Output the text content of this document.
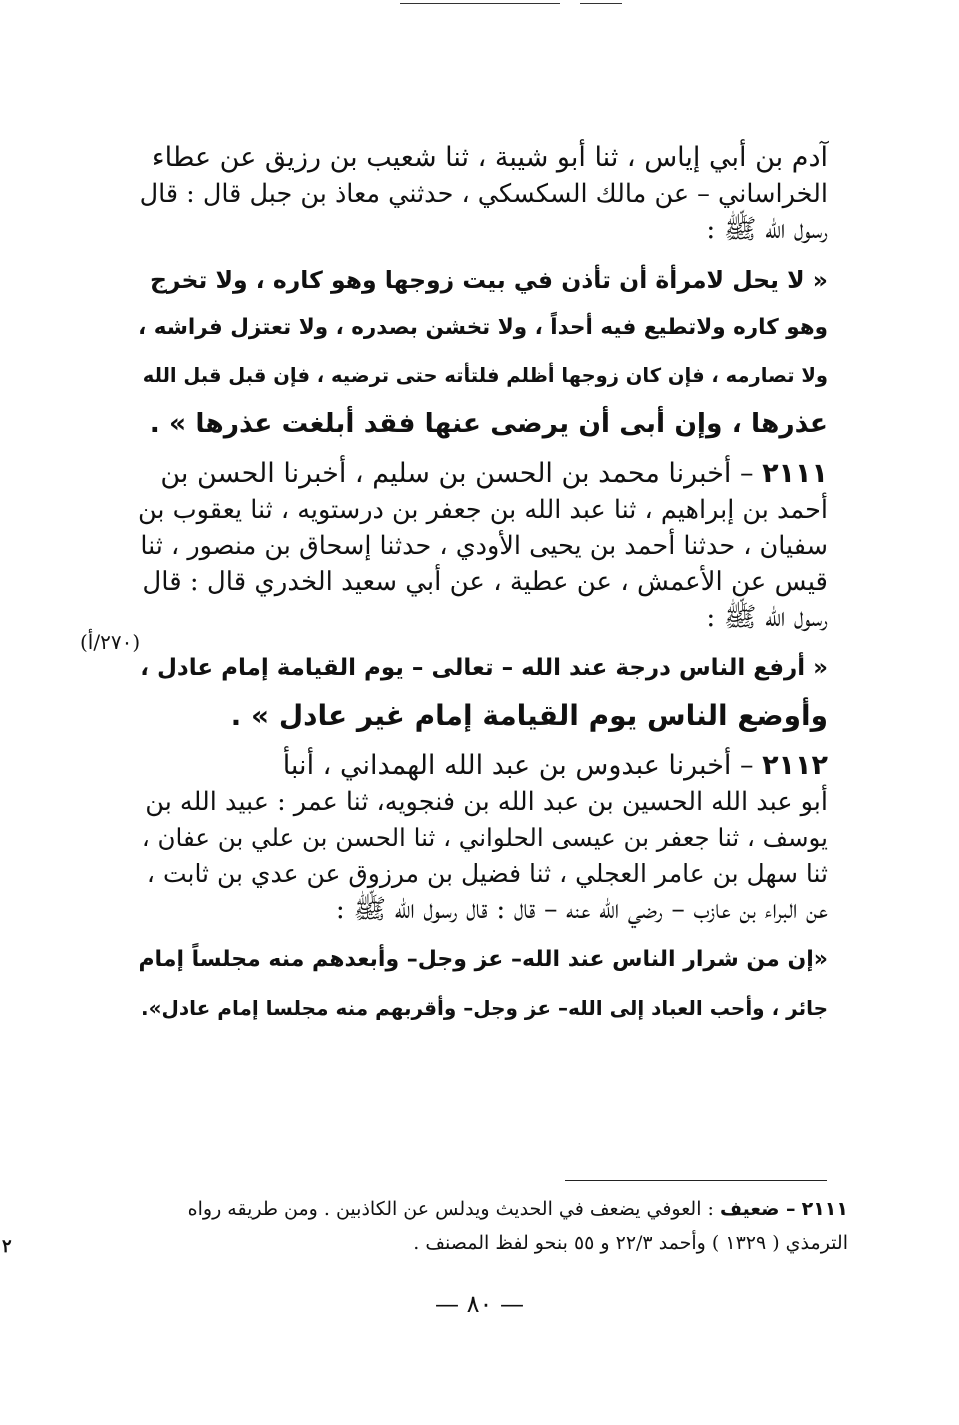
آدم بن أبي إياس ، ثنا أبو شيبة ، ثنا شعيب بن رزيق عن عطاء
الخراساني – عن مالك السكسكي ، حدثني معاذ بن جبل قال : قال
رسول الله ﷺ :
« لا يحل لامرأة أن تأذن في بيت زوجها وهو كاره ، ولا تخرج
وهو كاره ولاتطيع فيه أحداً ، ولا تخشن بصدره ، ولا تعتزل فراشه ،
ولا تصارمه ، فإن كان زوجها أظلم فلتأته حتى ترضيه ، فإن قبل قبل الله
عذرها ، وإن أبى أن يرضى عنها فقد أبلغت عذرها » .
٢١١١ – أخبرنا محمد بن الحسن بن سليم ، أخبرنا الحسن بن
أحمد بن إبراهيم ، ثنا عبد الله بن جعفر بن درستويه ، ثنا يعقوب بن
سفيان ، حدثنا أحمد بن يحيى الأودي ، حدثنا إسحاق بن منصور ، ثنا
قيس عن الأعمش ، عن عطية ، عن أبي سعيد الخدري قال : قال
رسول الله ﷺ :
« أرفع الناس درجة عند الله – تعالى – يوم القيامة إمام عادل ،
وأوضع الناس يوم القيامة إمام غير عادل » .
٢١١٢ – أخبرنا عبدوس بن عبد الله الهمداني ، أنبأ
أبو عبد الله الحسين بن عبد الله بن فنجويه، ثنا عمر : عبيد الله بن
يوسف ، ثنا جعفر بن عيسى الحلواني ، ثنا الحسن بن علي بن عفان ،
ثنا سهل بن عامر العجلي ، ثنا فضيل بن مرزوق عن عدي بن ثابت ،
عن البراء بن عازب – رضي الله عنه – قال : قال رسول الله ﷺ :
«إن من شرار الناس عند الله– عز وجل– وأبعدهم منه مجلساً إمام
جائر ، وأحب العباد إلى الله– عز وجل– وأقربهم منه مجلسا إمام عادل».
(٢٧٠/أ)
٢١١١ – ضعيف : العوفي يضعف في الحديث ويدلس عن الكاذبين . ومن طريقه رواه
الترمذي ( ١٣٢٩ ) وأحمد ٢٢/٣ و ٥٥ بنحو لفظ المصنف .
— ٨٠ —
٢
